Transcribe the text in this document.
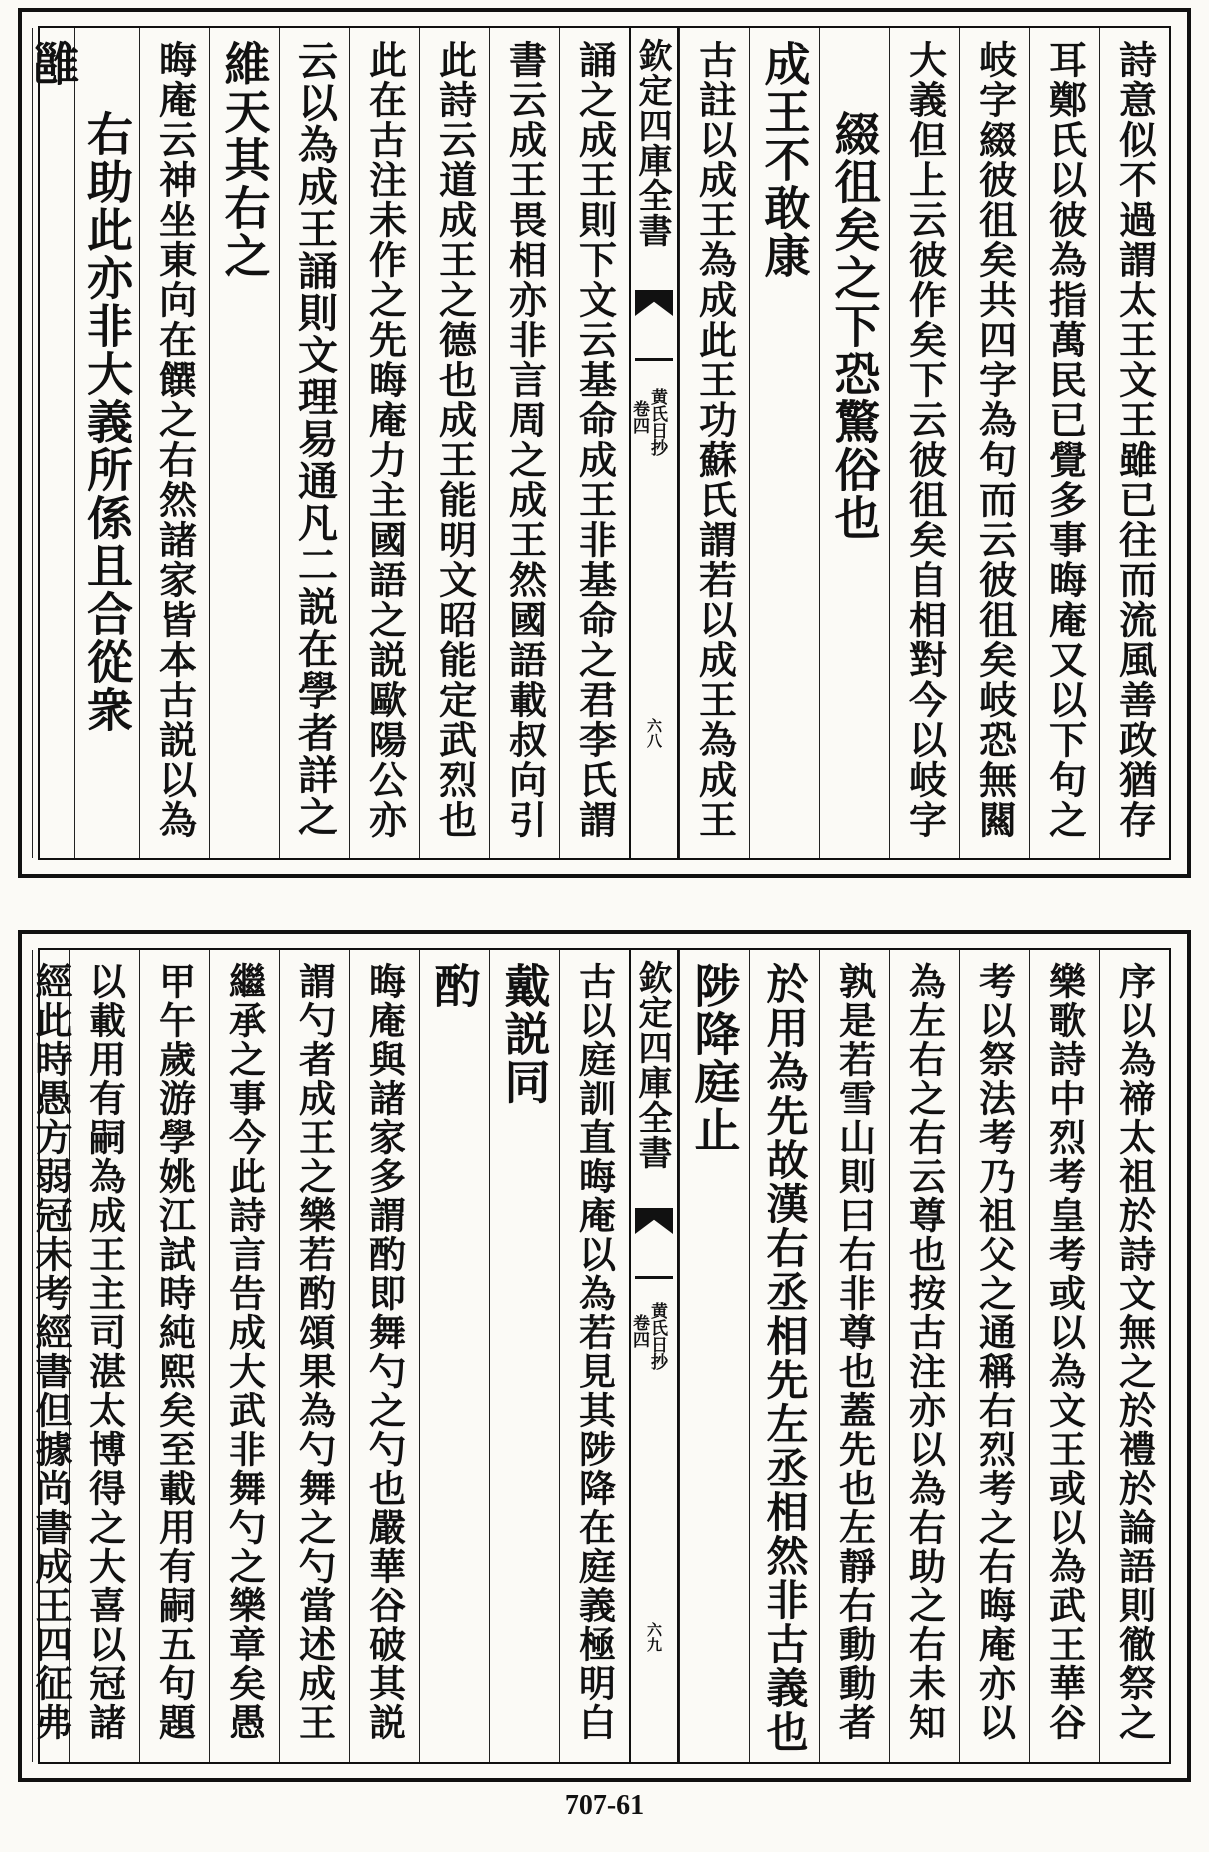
詩意似不過謂太王文王雖已往而流風善政猶存
耳鄭氏以彼為指萬民已覺多事晦庵又以下句之
岐字綴彼徂矣共四字為句而云彼徂矣岐恐無闗
大義但上云彼作矣下云彼徂矣自相對今以岐字
綴徂矣之下恐驚俗也
成王不敢康
古註以成王為成此王功蘇氏謂若以成王為成王
欽定四庫全書
黄氏日抄
卷四
六八
誦之成王則下文云基命成王非基命之君李氏謂
書云成王畏相亦非言周之成王然國語載叔向引
此詩云道成王之德也成王能明文昭能定武烈也
此在古注未作之先晦庵力主國語之説歐陽公亦
云以為成王誦則文理易通凡二説在學者詳之
維天其右之
晦庵云神坐東向在饌之右然諸家皆本古説以為
右助此亦非大義所係且合從衆
雝
序以為禘太祖於詩文無之於禮於論語則徹祭之
樂歌詩中烈考皇考或以為文王或以為武王華谷
考以祭法考乃祖父之通稱右烈考之右晦庵亦以
為左右之右云尊也按古注亦以為右助之右未知
孰是若雪山則曰右非尊也蓋先也左靜右動動者
於用為先故漢右丞相先左丞相然非古義也
陟降庭止
欽定四庫全書
黄氏日抄
卷四
六九
古以庭訓直晦庵以為若見其陟降在庭義極明白
戴説同
酌
晦庵與諸家多謂酌即舞勺之勺也嚴華谷破其説
謂勺者成王之樂若酌頌果為勺舞之勺當述成王
繼承之事今此詩言告成大武非舞勺之樂章矣愚
甲午歲游學姚江試時純熙矣至載用有嗣五句題
以載用有嗣為成王主司湛太博得之大喜以冠諸
經此時愚方弱冠未考經書但據尚書成王四征弗
707-61
